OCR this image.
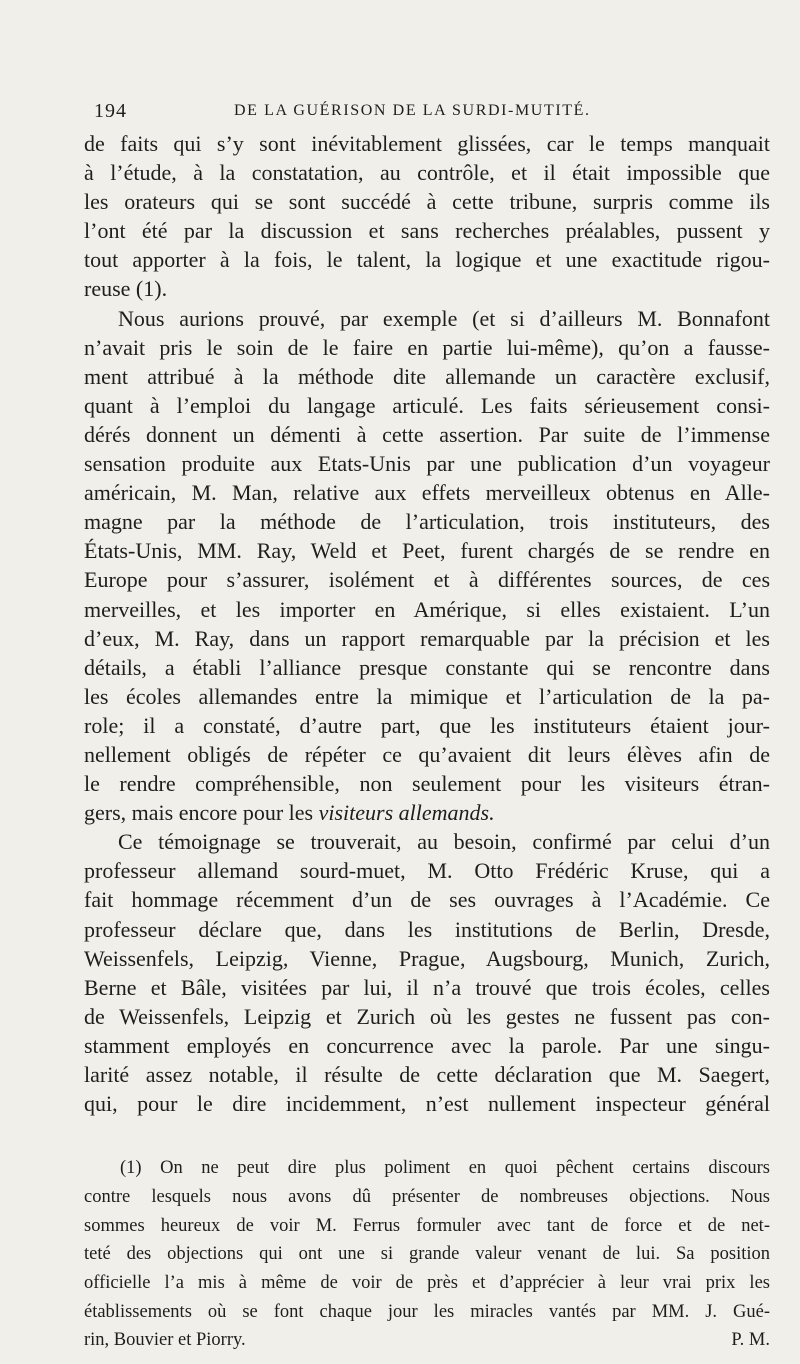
194	DE LA GUÉRISON DE LA SURDI-MUTITÉ.
de faits qui s’y sont inévitablement glissées, car le temps manquait
à l’étude, à la constatation, au contrôle, et il était impossible que
les orateurs qui se sont succédé à cette tribune, surpris comme ils
l’ont été par la discussion et sans recherches préalables, pussent y
tout apporter à la fois, le talent, la logique et une exactitude rigou-
reuse (1).
Nous aurions prouvé, par exemple (et si d’ailleurs M. Bonnafont
n’avait pris le soin de le faire en partie lui-même), qu’on a fausse-
ment attribué à la méthode dite allemande un caractère exclusif,
quant à l’emploi du langage articulé. Les faits sérieusement consi-
dérés donnent un démenti à cette assertion. Par suite de l’immense
sensation produite aux Etats-Unis par une publication d’un voyageur
américain, M. Man, relative aux effets merveilleux obtenus en Alle-
magne par la méthode de l’articulation, trois instituteurs, des
États-Unis, MM. Ray, Weld et Peet, furent chargés de se rendre en
Europe pour s’assurer, isolément et à différentes sources, de ces
merveilles, et les importer en Amérique, si elles existaient. L’un
d’eux, M. Ray, dans un rapport remarquable par la précision et les
détails, a établi l’alliance presque constante qui se rencontre dans
les écoles allemandes entre la mimique et l’articulation de la pa-
role; il a constaté, d’autre part, que les instituteurs étaient jour-
nellement obligés de répéter ce qu’avaient dit leurs élèves afin de
le rendre compréhensible, non seulement pour les visiteurs étran-
gers, mais encore pour les visiteurs allemands.
Ce témoignage se trouverait, au besoin, confirmé par celui d’un
professeur allemand sourd-muet, M. Otto Frédéric Kruse, qui a
fait hommage récemment d’un de ses ouvrages à l’Académie. Ce
professeur déclare que, dans les institutions de Berlin, Dresde,
Weissenfels, Leipzig, Vienne, Prague, Augsbourg, Munich, Zurich,
Berne et Bâle, visitées par lui, il n’a trouvé que trois écoles, celles
de Weissenfels, Leipzig et Zurich où les gestes ne fussent pas con-
stamment employés en concurrence avec la parole. Par une singu-
larité assez notable, il résulte de cette déclaration que M. Saegert,
qui, pour le dire incidemment, n’est nullement inspecteur général
(1) On ne peut dire plus poliment en quoi pêchent certains discours
contre lesquels nous avons dû présenter de nombreuses objections. Nous
sommes heureux de voir M. Ferrus formuler avec tant de force et de net-
teté des objections qui ont une si grande valeur venant de lui. Sa position
officielle l’a mis à même de voir de près et d’apprécier à leur vrai prix les
établissements où se font chaque jour les miracles vantés par MM. J. Gué-
rin, Bouvier et Piorry.	P. M.
